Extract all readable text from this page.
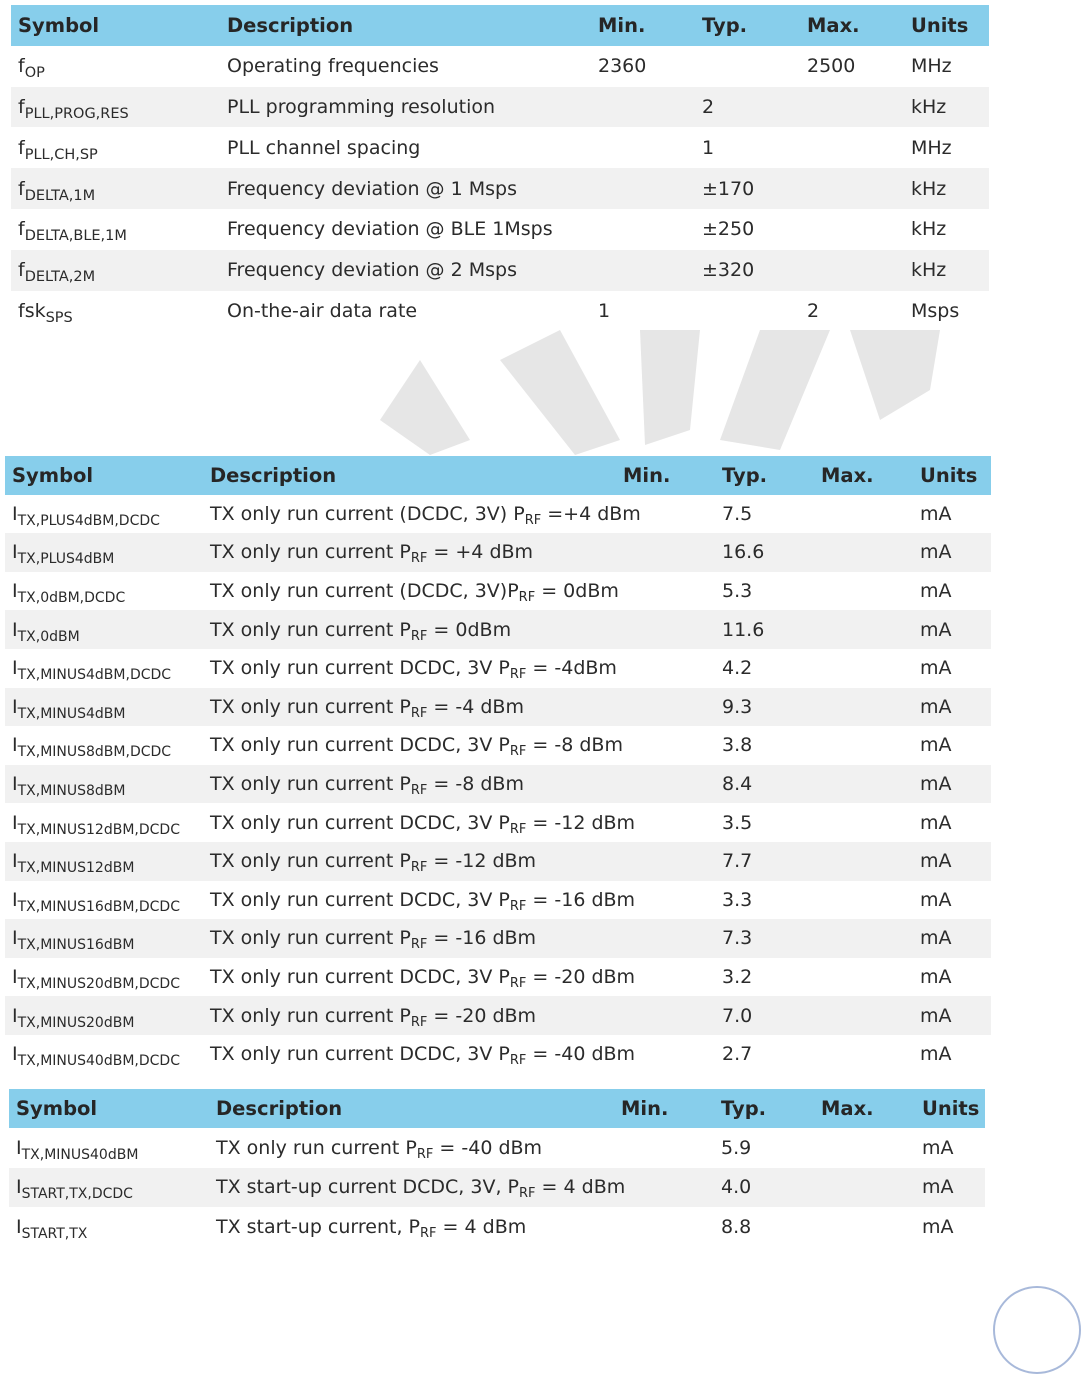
Symbol	Description	Min.	Typ.	Max.	Units
$f_{OP}$	Operating frequencies	2360		2500	MHz
$f_{PLL,PROG,RES}$	PLL programming resolution		2		kHz
$f_{PLL,CH,SP}$	PLL channel spacing		1		MHz
$f_{DELTA,1M}$	Frequency deviation @ 1 Msps		±170		kHz
$f_{DELTA,BLE,1M}$	Frequency deviation @ BLE 1Msps		±250		kHz
$f_{DELTA,2M}$	Frequency deviation @ 2 Msps		±320		kHz
fsk$_{SPS}$	On-the-air data rate	1		2	Msps
Symbol	Description	Min.	Typ.	Max.	Units
$I_{TX,PLUS4dBM,DCDC}$	TX only run current (DCDC, 3V) $P_{RF} =+4$ dBm		7.5		mA
$I_{TX,PLUS4dBM}$	TX only run current $P_{RF} = +4$ dBm		16.6		mA
$I_{TX,0dBM,DCDC}$	TX only run current (DCDC, $3V)P_{RF} = 0dBm$		5.3		mA
$I_{TX,0dBM}$	TX only run current $P_{RF} = 0dBm$		11.6		mA
$I_{TX,MINUS4dBM,DCDC}$	TX only run current DCDC, 3V $P_{RF} = -4dBm$		4.2		mA
$I_{TX,MINUS4dBM}$	TX only run current $P_{RF} = -4$ dBm		9.3		mA
$I_{TX,MINUS8dBM,DCDC}$	TX only run current DCDC, 3V $P_{RF} = -8$ dBm		3.8		mA
$I_{TX,MINUS8dBM}$	TX only run current $P_{RF} = -8$ dBm		8.4		mA
$I_{TX,MINUS12dBM,DCDC}$	TX only run current DCDC, 3V $P_{RF} = -12$ dBm		3.5		mA
$I_{TX,MINUS12dBM}$	TX only run current $P_{RF} = -12$ dBm		7.7		mA
$I_{TX,MINUS16dBM,DCDC}$	TX only run current DCDC, 3V $P_{RF} = -16$ dBm		3.3		mA
$I_{TX,MINUS16dBM}$	TX only run current $P_{RF} = -16$ dBm		7.3		mA
$I_{TX,MINUS20dBM,DCDC}$	TX only run current DCDC, 3V $P_{RF} = -20$ dBm		3.2		mA
$I_{TX,MINUS20dBM}$	TX only run current $P_{RF} = -20$ dBm		7.0		mA
$I_{TX,MINUS40dBM,DCDC}$	TX only run current DCDC, 3V $P_{RF} = -40$ dBm		2.7		mA
Symbol	Description	Min.	Typ.	Max.	Units
$I_{TX,MINUS40dBM}$	TX only run current $P_{RF} = -40$ dBm		5.9		mA
$I_{START,TX,DCDC}$	TX start-up current DCDC, 3V, $P_{RF} = 4$ dBm		4.0		mA
$I_{START,TX}$	TX start-up current, $P_{RF} = 4$ dBm		8.8		mA
